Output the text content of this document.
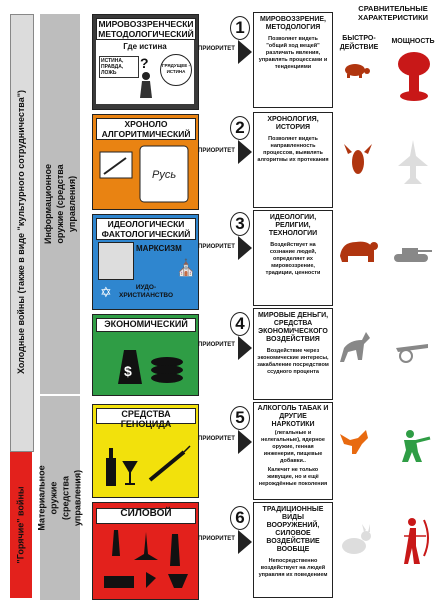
Холодные войны (также в виде "культурного сотрудничества")
"Горячие" войны
Информационное оружие (средства управления)
Материальное оружие (средства управления)
СРАВНИТЕЛЬНЫЕ ХАРАКТЕРИСТИКИ
БЫСТРО-ДЕЙСТВИЕ
МОЩНОСТЬ
МИРОВОЗЗРЕНЧЕСКИ МЕТОДОЛОГИЧЕСКИЙ
Где истина
ИСТИНА, ПРАВДА, ЛОЖЬ
?	ГРЯДУЩЕЕ - ИСТИНА
ХРОНОЛО АЛГОРИТМИЧЕСКИЙ
Русь
ИДЕОЛОГИЧЕСКИ ФАКТОЛОГИЧЕСКИЙ
МАРКСИЗМ
✡	ИУДО-ХРИСТИАНСТВО
⛪
ЭКОНОМИЧЕСКИЙ
$
СРЕДСТВА ГЕНОЦИДА
СИЛОВОЙ
ПРИОРИТЕТ
ПРИОРИТЕТ
ПРИОРИТЕТ
ПРИОРИТЕТ
ПРИОРИТЕТ
ПРИОРИТЕТ
1
2
3
4
5
6
МИРОВОЗЗРЕНИЕ, МЕТОДОЛОГИЯ
Позволяет видеть "общий ход вещей" различать явления, управлять процессами и тенденциями
ХРОНОЛОГИЯ, ИСТОРИЯ
Позволяет видеть направленность процессов, выявлять алгоритмы их протекания
ИДЕОЛОГИИ, РЕЛИГИИ, ТЕХНОЛОГИИ
Воздействует на сознание людей, определяет их мировоззрение, традиции, ценности
МИРОВЫЕ ДЕНЬГИ, СРЕДСТВА ЭКОНОМИЧЕСКОГО ВОЗДЕЙСТВИЯ
Воздействие через экономические интересы, закабаление посредством ссудного процента
АЛКОГОЛЬ ТАБАК И ДРУГИЕ НАРКОТИКИ
(легальные и нелегальные), ядерное оружие, генная инженерия, пищевые добавки..
Калечит не только живущие, но и ещё нерождённые поколения
ТРАДИЦИОННЫЕ ВИДЫ ВООРУЖЕНИЙ, СИЛОВОЕ ВОЗДЕЙСТВИЕ ВООБЩЕ
Непосредственно воздействует на людей управляя их поведением
